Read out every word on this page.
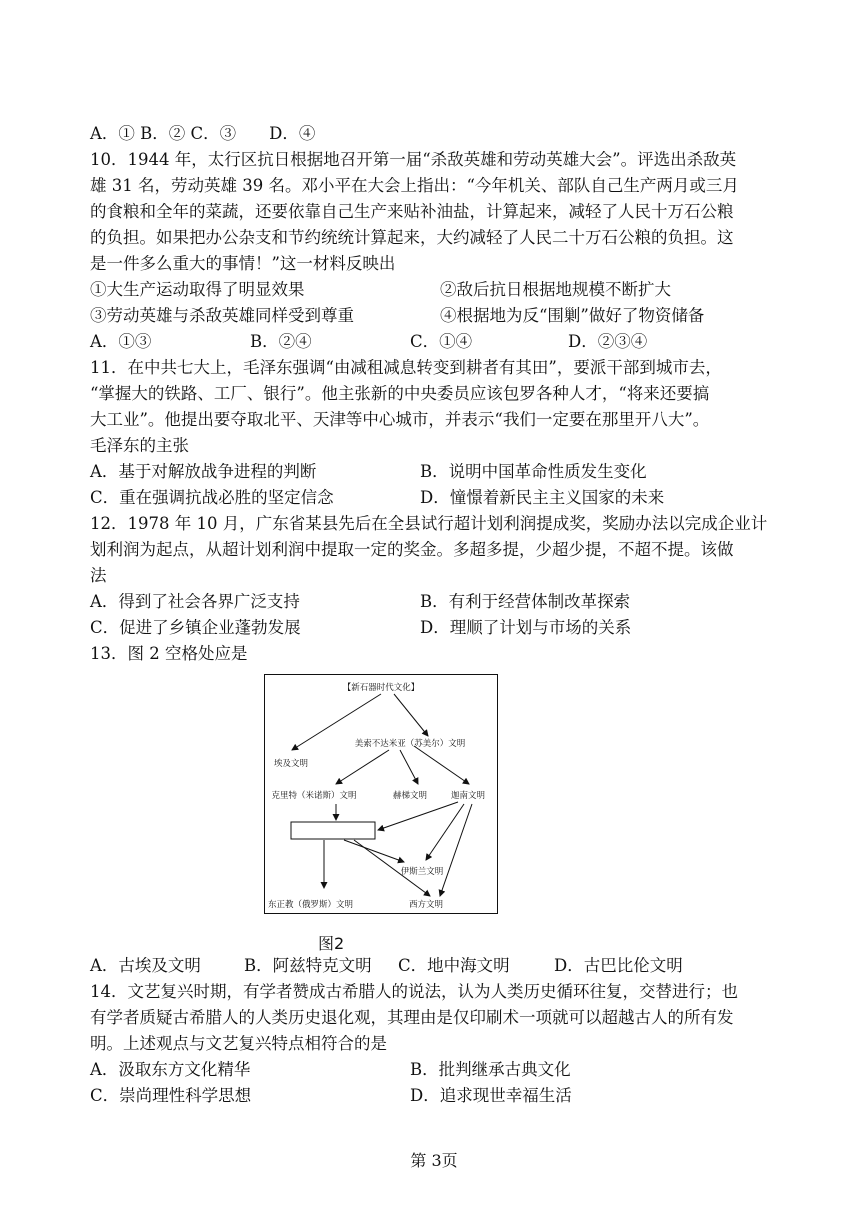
A．① B．② C．③　　D．④
10．1944 年，太行区抗日根据地召开第一届“杀敌英雄和劳动英雄大会”。评选出杀敌英
雄 31 名，劳动英雄 39 名。邓小平在大会上指出：“今年机关、部队自己生产两月或三月
的食粮和全年的菜蔬，还要依靠自己生产来贴补油盐，计算起来，减轻了人民十万石公粮
的负担。如果把办公杂支和节约统统计算起来，大约减轻了人民二十万石公粮的负担。这
是一件多么重大的事情！”这一材料反映出
①大生产运动取得了明显效果	②敌后抗日根据地规模不断扩大
③劳动英雄与杀敌英雄同样受到尊重	④根据地为反“围剿”做好了物资储备
A．①③	B．②④	C．①④	D．②③④
11．在中共七大上，毛泽东强调“由减租减息转变到耕者有其田”，要派干部到城市去，
“掌握大的铁路、工厂、银行”。他主张新的中央委员应该包罗各种人才，“将来还要搞
大工业”。他提出要夺取北平、天津等中心城市，并表示“我们一定要在那里开八大”。
毛泽东的主张
A．基于对解放战争进程的判断	B．说明中国革命性质发生变化
C．重在强调抗战必胜的坚定信念	D．憧憬着新民主主义国家的未来
12．1978 年 10 月，广东省某县先后在全县试行超计划利润提成奖，奖励办法以完成企业计
划利润为起点，从超计划利润中提取一定的奖金。多超多提，少超少提，不超不提。该做
法
A．得到了社会各界广泛支持	B．有利于经营体制改革探索
C．促进了乡镇企业蓬勃发展	D．理顺了计划与市场的关系
13．图 2 空格处应是
【新石器时代文化】
美索不达米亚（苏美尔）文明
埃及文明
克里特（米诺斯）文明	赫梯文明	迦南文明
伊斯兰文明
东正教（俄罗斯）文明	西方文明
图2
A．古埃及文明	B．阿兹特克文明 C．地中海文明	D．古巴比伦文明
14．文艺复兴时期，有学者赞成古希腊人的说法，认为人类历史循环往复，交替进行；也
有学者质疑古希腊人的人类历史退化观，其理由是仅印刷术一项就可以超越古人的所有发
明。上述观点与文艺复兴特点相符合的是
A．汲取东方文化精华	B．批判继承古典文化
C．崇尚理性科学思想	D．追求现世幸福生活
第 3页
